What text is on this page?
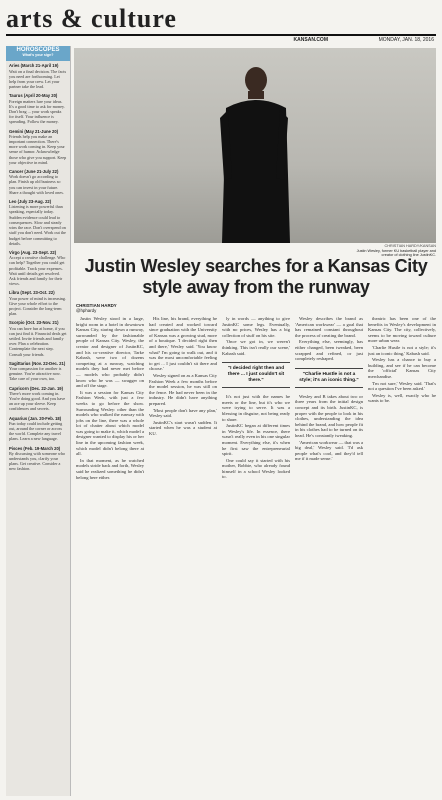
arts & culture
KANSAN.COM	MONDAY, JAN. 18, 2016
HOROSCOPES
What's your sign?
Aries (March 21-April 19)
Wait on a final decision. The facts you need are forthcoming. Let help from your crew. Let your partner take the lead.
Taurus (April 20-May 20)
Foreign matters lure your ideas. It's a good time to ask for money. Don't brag ... your work speaks for itself. Your influence is spreading. Follow the money.
Gemini (May 21-June 20)
Friends help you make an important connection. There's more work coming in. Keep your sense of humor. Acknowledge those who give you support. Keep your objective in mind.
Cancer (June 21-July 22)
Work doesn't go according to plan. Finish up old business so you can invest in your future. Share a thought with loved ones.
Leo (July 23-Aug. 22)
Listening is more powerful than speaking, especially today. Sudden evidence could lead to consequences. Slow and steady wins the race. Don't overspend on stuff you don't need. Work out the budget before committing to details.
Virgo (Aug. 23-Sept. 22)
Accept a creative challenge. Who can help? Together you could get profitable. Track your expenses. Wait until details get resolved. Ask friends and family for their views.
Libra (Sept. 23-Oct. 22)
Your power of mind is increasing. Give your whole effort to the project. Consider the long-term plan.
Scorpio (Oct. 23-Nov. 21)
You can have fun at home, if you can just find it. Financial deals get settled. Invite friends and family over. Plan a celebration. Contemplate the next step. Consult your friends.
Sagittarius (Nov. 22-Dec. 21)
Your compassion for another is genuine. You're attractive now. Take care of your own, too.
Capricorn (Dec. 22-Jan. 19)
There's more work coming in. You're doing good. And you have an ace up your sleeve. Keep confidences and secrets.
Aquarius (Jan. 20-Feb. 18)
Fun today could include getting out, around the corner or across the world. Complete any travel plans. Learn a new language.
Pisces (Feb. 19-March 20)
By discussing with someone who understands you, clarify your plans. Get creative. Consider a new fashion.
CHRISTIAN HARDY/KANSAN
Justin Wesley, former KU basketball player and creator of clothing line JustinKC.
Justin Wesley searches for a Kansas City style away from the runway
CHRISTIAN HARDY
@hphardy

Justin Wesley stood in a large, bright room in a hotel in downtown Kansas City, staring down a runway, surrounded by the fashionable people of Kansas City. Wesley, the creator and designer of JustinKC, and his co-creative director, Tarke Kabash, were two of dozens competing at a runway, watching models they had never met before — models who probably didn't know who he was — swagger on and off the stage.

It was a session for Kansas City Fashion Week, with just a few weeks to go before the show. Surrounding Wesley: other than the models who walked the runway with jobs on the line, there was a whole lot of chatter about which model was going to make it, which model a designer wanted to display his or her line in the upcoming fashion week, which model didn't belong there at all.

In that moment, as he watched models stride back and forth, Wesley said he realized something he didn't belong here either.

His line, his brand, everything he had created and worked toward since graduation with the University of Kansas was a growing stud, more of a boutique. 'I decided right then and there,' Wesley said. 'You know what? I'm going to walk out, and it was the most uncomfortable feeling to get ... I just couldn't sit there and choose.'

Wesley signed on as a Kansas City Fashion Week a few months before the model session, he was still on the fence. He had never been in the industry. He didn't have anything prepared.

'Most people don't have any plan,' Wesley said.

JustinKC's start wasn't sudden. It started when he was a student at KU.

ly in words — anything to give JustinKC some legs. Eventually, with no prices, Wesley has a big collection of stuff on his site.

'Once we got in, we weren't thinking. This isn't really our scene,' Kabash said.

"I decided right then and there ... I just couldn't sit there."

It's not just with the names he meets or the line, but it's who we were trying to serve. It was a blessing in disguise, not being ready to share.

JustinKC began at different times in Wesley's life. In essence, there wasn't really even in his one singular moment. Everything else, it's when he first saw the entrepreneurial spirit.

One could say it started with his mother, Bobbie, who already found himself in a school Wesley looked to.

Wesley describes the brand as 'American workwear' — a goal that has remained constant throughout the process of creating the brand.

Everything else, seemingly, has either changed, been tweaked, been scrapped and refined, or just completely reshaped.

"Charlie Hustle is not a style; it's an iconic thing."

Wesley and B takes about two or three years from the initial design concept and its birth. JustinKC, is proper with the people to look in his clothes, understanding the idea behind the brand, and how people fit in his clothes had to be turned on its head. He's constantly tweaking.

'American workwear — that was a big deal,' Wesley said. 'I'd ask people what's cool, and they'd tell me if it made sense.'

theatric has been one of the benefits in Wesley's development in Kansas City. The city, collectively, seems to be moving toward culture more urban wear.

'Charlie Hustle is not a style; it's just an iconic thing,' Kabash said.

Wesley has a chance to buy a building, and see if he can become the 'official' Kansas City merchandise.

'I'm not sure,' Wesley said. 'That's not a question I've been asked.'

Wesley is, well, exactly who he wants to be.
